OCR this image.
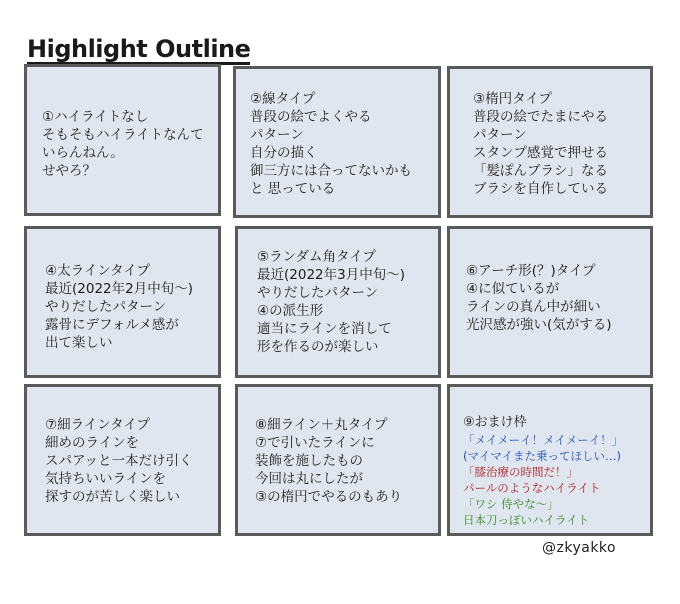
Highlight Outline
①ハイライトなし
そもそもハイライトなんて
いらんねん。
せやろ？
②線タイプ
普段の絵でよくやる
パターン
自分の描く
御三方には合ってないかも
と 思っている
③楕円タイプ
普段の絵でたまにやる
パターン
スタンプ感覚で押せる
「髪ぽんブラシ」なる
ブラシを自作している
④太ラインタイプ
最近(2022年2月中旬〜)
やりだしたパターン
露骨にデフォルメ感が
出て楽しい
⑤ランダム角タイプ
最近(2022年3月中旬〜)
やりだしたパターン
④の派生形
適当にラインを消して
形を作るのが楽しい
⑥アーチ形(？)タイプ
④に似ているが
ラインの真ん中が細い
光沢感が強い(気がする)
⑦細ラインタイプ
細めのラインを
スパアッと一本だけ引く
気持ちいいラインを
探すのが苦しく楽しい
⑧細ライン＋丸タイプ
⑦で引いたラインに
装飾を施したもの
今回は丸にしたが
③の楕円でやるのもあり
⑨おまけ枠
「メイメーイ！メイメーイ！」
(マイマイまた乗ってほしい…)
「膝治療の時間だ！」
パールのようなハイライト
「ワシ 侍やな〜」
日本刀っぽいハイライト
@zkyakko
